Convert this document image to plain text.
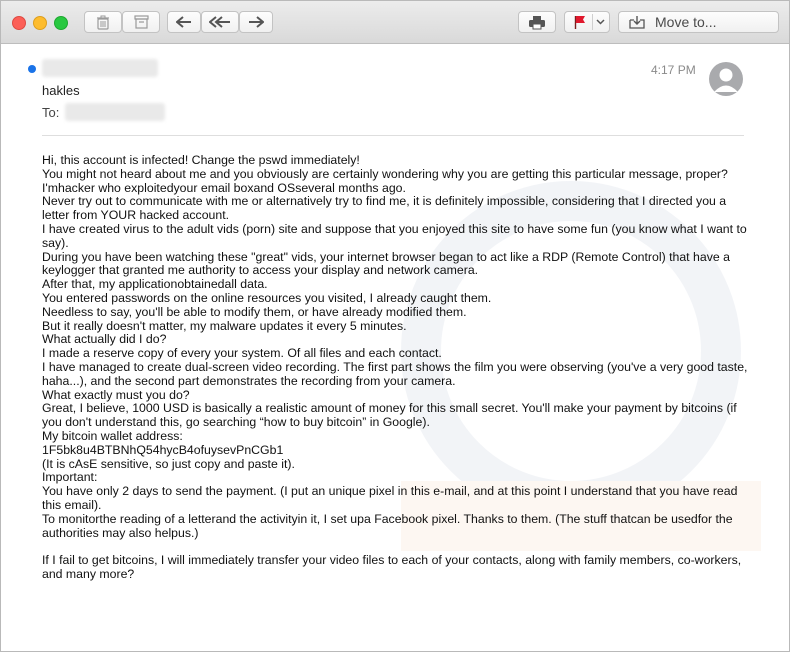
Move to...
hakles
To:
4:17 PM

Hi, this account is infected! Change the pswd immediately!

You might not heard about me and you obviously are certainly wondering why you are getting this particular message, proper?

I'mhacker who exploitedyour email boxand OSseveral months ago.

Never try out to communicate with me or alternatively try to find me, it is definitely impossible, considering that I directed you a letter from YOUR hacked account.

I have created virus to the adult vids (porn) site and suppose that you enjoyed this site to have some fun (you know what I want to say).

During you have been watching these "great" vids, your internet browser began to act like a RDP (Remote Control) that have a keylogger that granted me authority to access your display and network camera.

After that, my applicationobtainedall data.

You entered passwords on the online resources you visited, I already caught them.

Needless to say, you'll be able to modify them, or have already modified them.

But it really doesn't matter, my malware updates it every 5 minutes.

What actually did I do?

I made a reserve copy of every your system. Of all files and each contact.

I have managed to create dual-screen video recording. The first part shows the film you were observing (you've a very good taste, haha...), and the second part demonstrates the recording from your camera.

What exactly must you do?

Great, I believe, 1000 USD is basically a realistic amount of money for this small secret. You'll make your payment by bitcoins (if you don't understand this, go searching “how to buy bitcoin” in Google).

My bitcoin wallet address:

1F5bk8u4BTBNhQ54hycB4ofuysevPnCGb1

(It is cAsE sensitive, so just copy and paste it).

Important:

You have only 2 days to send the payment. (I put an unique pixel in this e-mail, and at this point I understand that you have read this email).

To monitorthe reading of a letterand the activityin it, I set upa Facebook pixel. Thanks to them. (The stuff thatcan be usedfor the authorities may also helpus.)

If I fail to get bitcoins, I will immediately transfer your video files to each of your contacts, along with family members, co-workers, and many more?
